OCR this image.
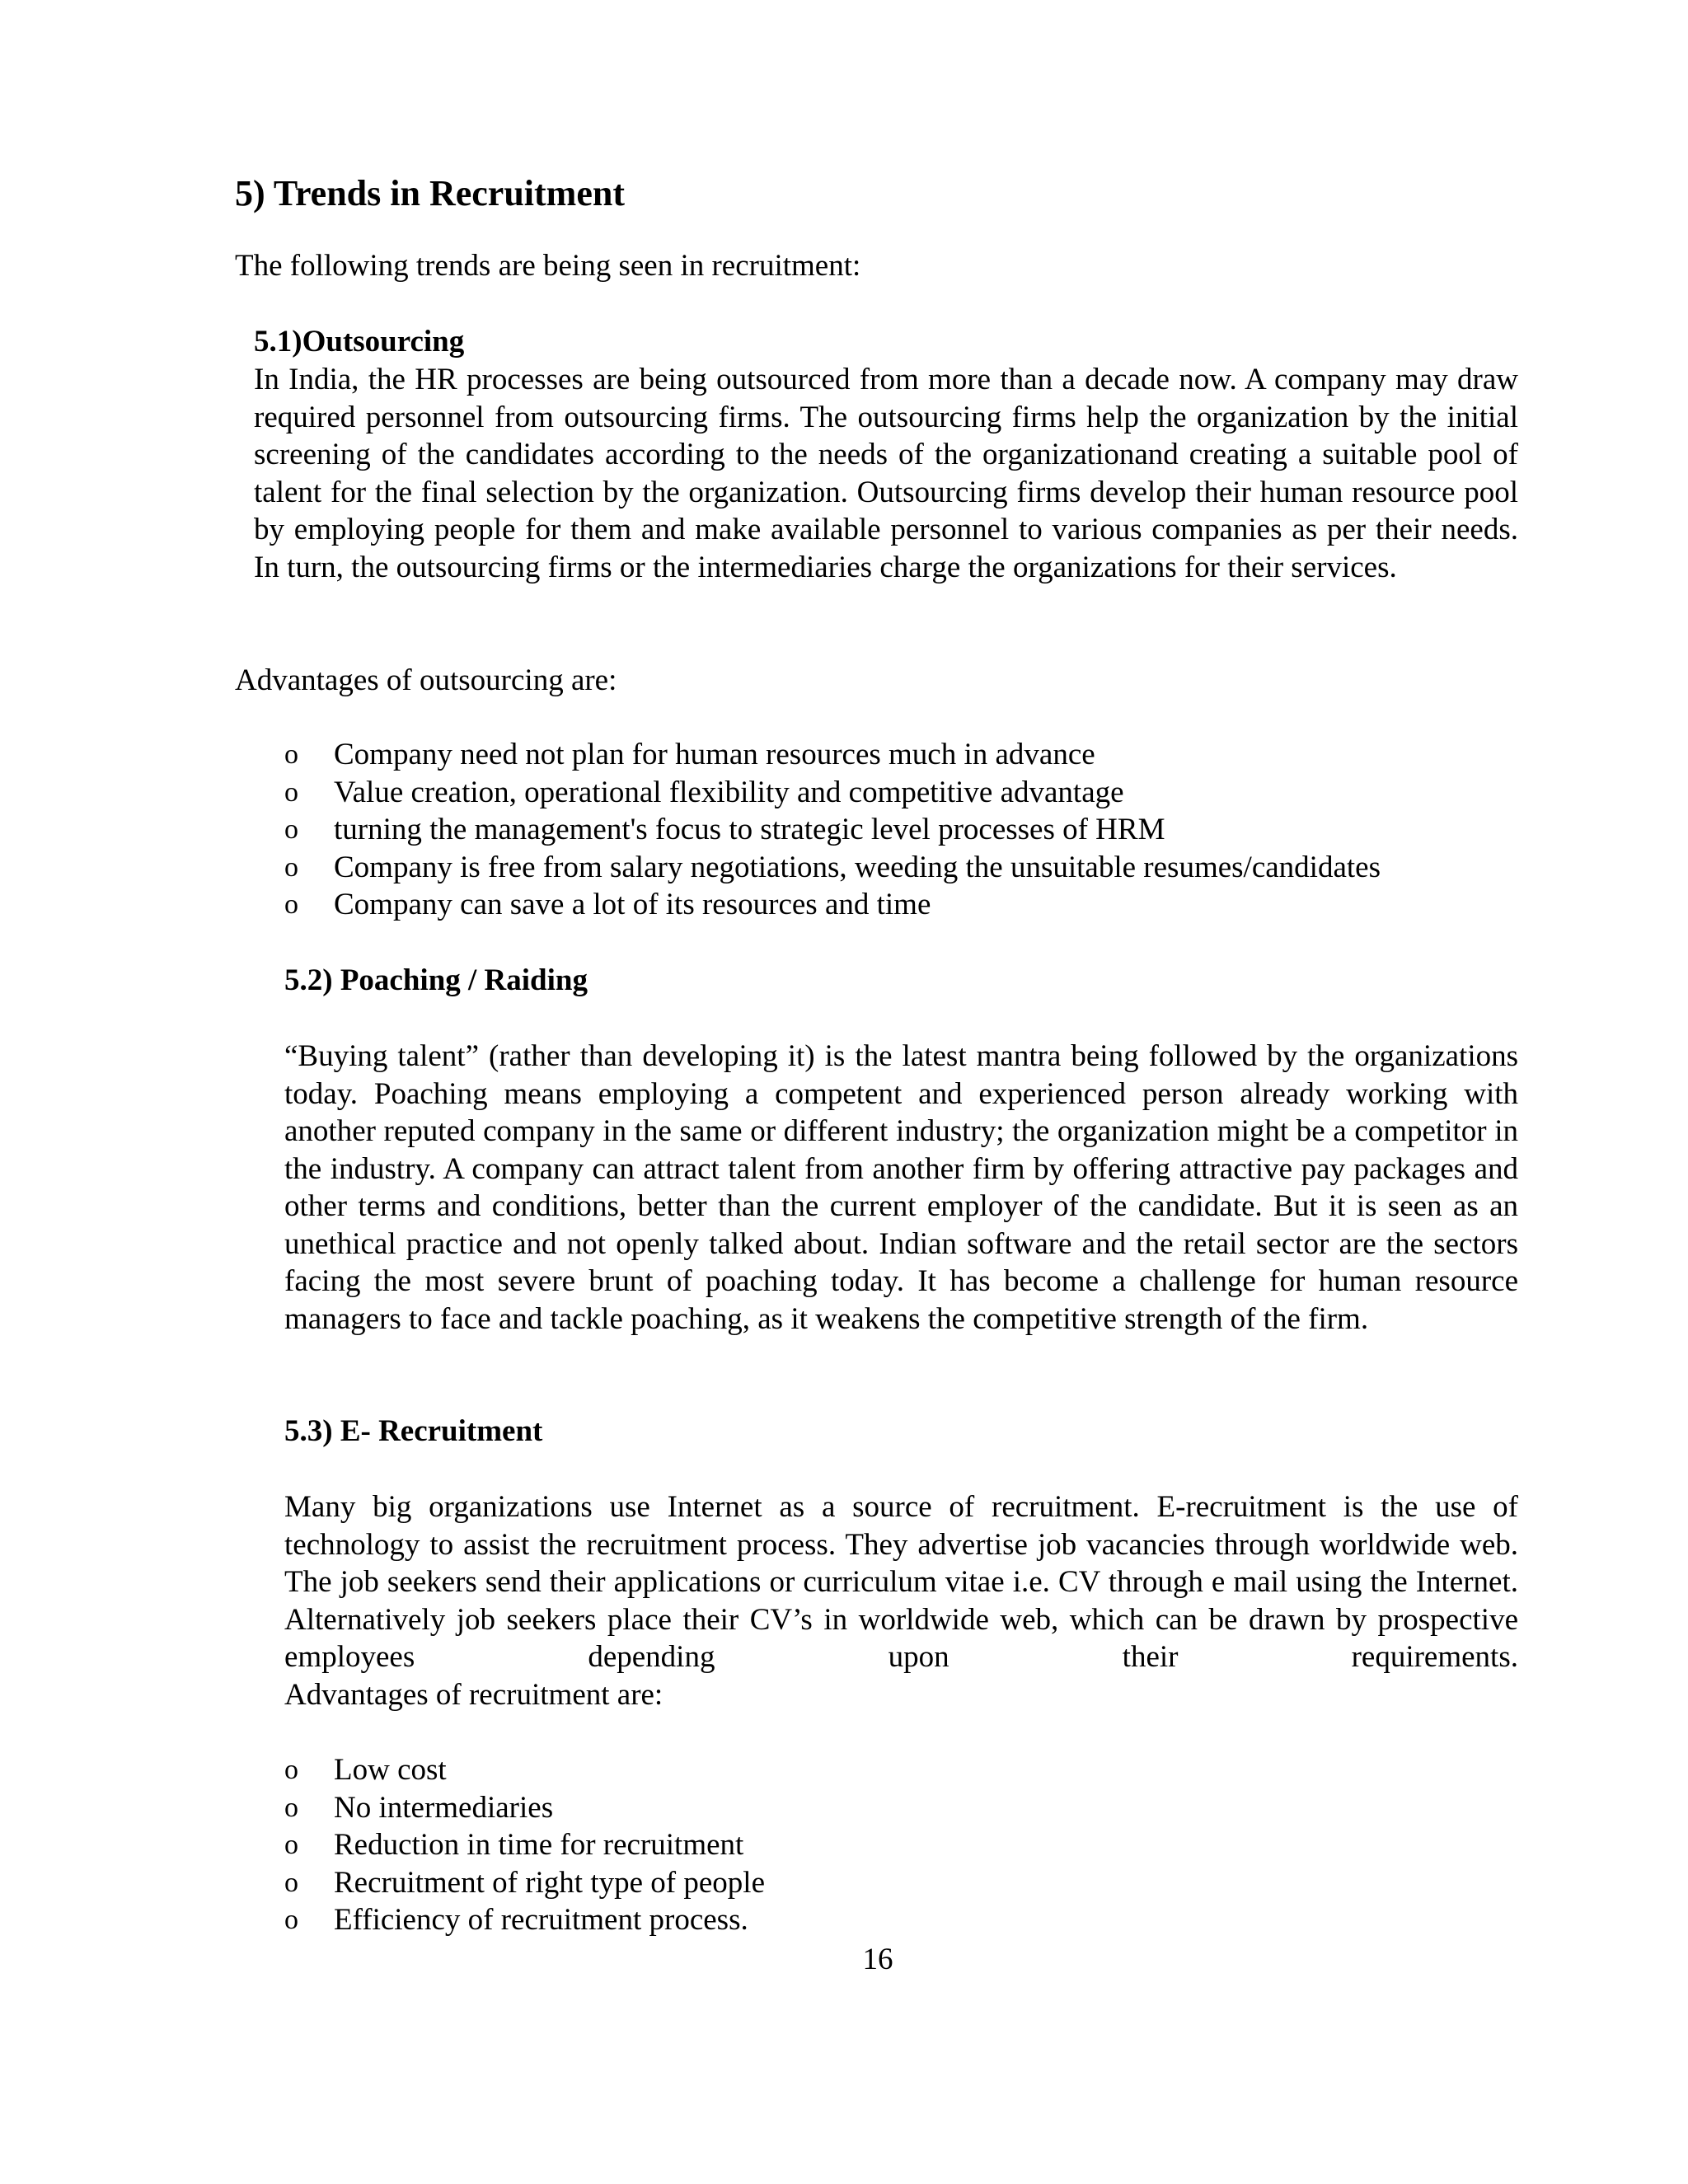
5) Trends in Recruitment
The following trends are being seen in recruitment:
5.1)Outsourcing
In India, the HR processes are being outsourced from more than a decade now. A company may draw required personnel from outsourcing firms. The outsourcing firms help the organization by the initial screening of the candidates according to the needs of the organizationand creating a suitable pool of talent for the final selection by the organization. Outsourcing firms develop their human resource pool by employing people for them and make available personnel to various companies as per their needs. In turn, the outsourcing firms or the intermediaries charge the organizations for their services.
Advantages of outsourcing are:
o Company need not plan for human resources much in advance
o Value creation, operational flexibility and competitive advantage
o turning the management's focus to strategic level processes of HRM
o Company is free from salary negotiations, weeding the unsuitable resumes/candidates
o Company can save a lot of its resources and time
5.2) Poaching / Raiding
“Buying talent” (rather than developing it) is the latest mantra being followed by the organizations today. Poaching means employing a competent and experienced person already working with another reputed company in the same or different industry; the organization might be a competitor in the industry. A company can attract talent from another firm by offering attractive pay packages and other terms and conditions, better than the current employer of the candidate. But it is seen as an unethical practice and not openly talked about. Indian software and the retail sector are the sectors facing the most severe brunt of poaching today. It has become a challenge for human resource managers to face and tackle poaching, as it weakens the competitive strength of the firm.
5.3) E- Recruitment
Many big organizations use Internet as a source of recruitment. E-recruitment is the use of technology to assist the recruitment process. They advertise job vacancies through worldwide web. The job seekers send their applications or curriculum vitae i.e. CV through e mail using the Internet. Alternatively job seekers place their CV’s in worldwide web, which can be drawn by prospective employees depending upon their requirements.
Advantages of recruitment are:
o Low cost
o No intermediaries
o Reduction in time for recruitment
o Recruitment of right type of people
o Efficiency of recruitment process.
16
